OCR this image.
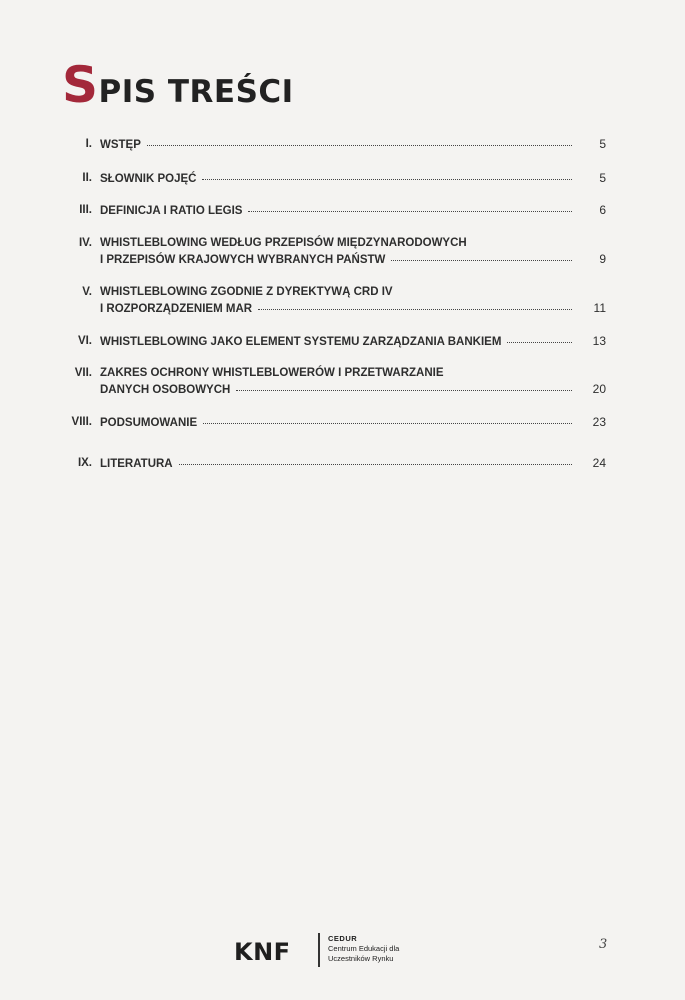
SPIS TREŚCI
I. WSTĘP	5
II. SŁOWNIK POJĘĆ	5
III. DEFINICJA I RATIO LEGIS	6
IV. WHISTLEBLOWING WEDŁUG PRZEPISÓW MIĘDZYNARODOWYCH
I PRZEPISÓW KRAJOWYCH WYBRANYCH PAŃSTW	9
V. WHISTLEBLOWING ZGODNIE Z DYREKTYWĄ CRD IV
I ROZPORZĄDZENIEM MAR	11
VI. WHISTLEBLOWING JAKO ELEMENT SYSTEMU ZARZĄDZANIA BANKIEM	13
VII. ZAKRES OCHRONY WHISTLEBLOWERÓW I PRZETWARZANIE
DANYCH OSOBOWYCH	20
VIII. PODSUMOWANIE	23
IX. LITERATURA	24
KNF	CEDUR
Centrum Edukacji dla
Uczestników Rynku
3
